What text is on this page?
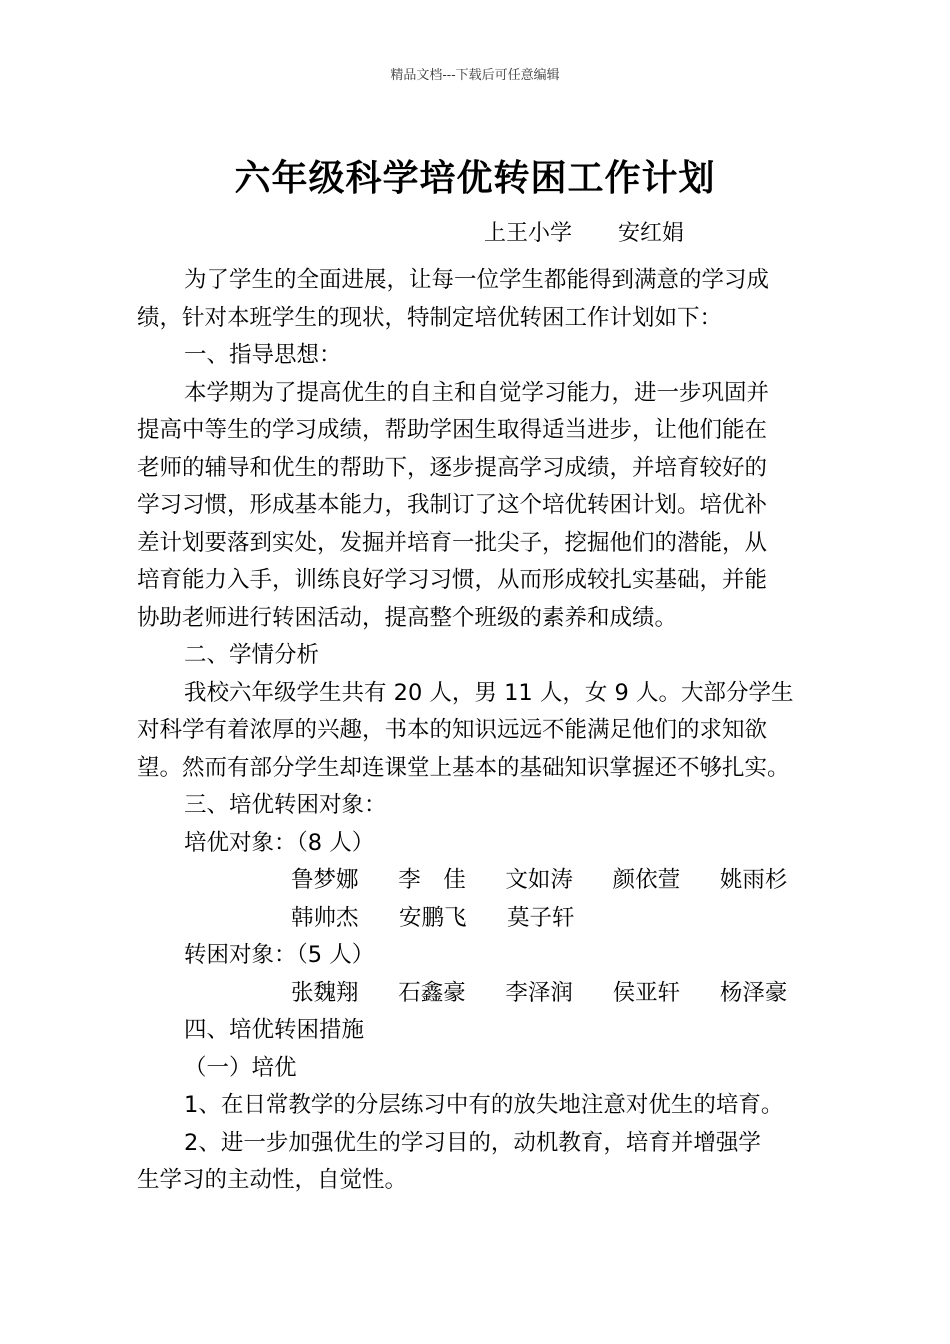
精品文档---下载后可任意编辑
六年级科学培优转困工作计划
上王小学 安红娟
为了学生的全面进展，让每一位学生都能得到满意的学习成
绩，针对本班学生的现状，特制定培优转困工作计划如下：
一、指导思想：
本学期为了提高优生的自主和自觉学习能力，进一步巩固并
提高中等生的学习成绩，帮助学困生取得适当进步，让他们能在
老师的辅导和优生的帮助下，逐步提高学习成绩，并培育较好的
学习习惯，形成基本能力，我制订了这个培优转困计划。培优补
差计划要落到实处，发掘并培育一批尖子，挖掘他们的潜能，从
培育能力入手，训练良好学习习惯，从而形成较扎实基础，并能
协助老师进行转困活动，提高整个班级的素养和成绩。
二、学情分析
我校六年级学生共有 20 人，男 11 人，女 9 人。大部分学生
对科学有着浓厚的兴趣，书本的知识远远不能满足他们的求知欲
望。然而有部分学生却连课堂上基本的基础知识掌握还不够扎实。
三、培优转困对象：
培优对象：（8 人）
鲁梦娜	李　佳	文如涛	颜依萱	姚雨杉
韩帅杰	安鹏飞	莫子轩
转困对象：（5 人）
张魏翔	石鑫豪	李泽润	侯亚轩	杨泽豪
四、培优转困措施
（一）培优
1、在日常教学的分层练习中有的放失地注意对优生的培育。
2、进一步加强优生的学习目的，动机教育，培育并增强学
生学习的主动性，自觉性。
